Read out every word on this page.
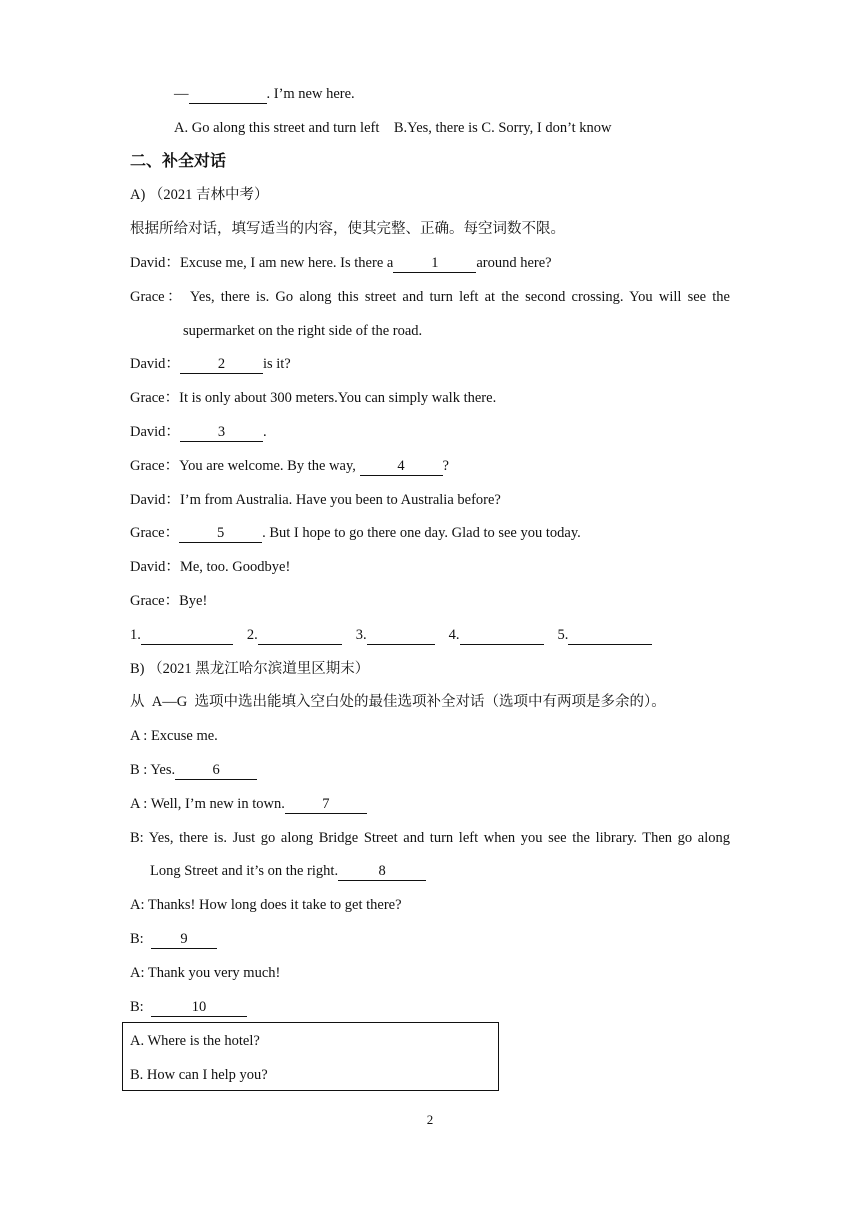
—	. I’m new here.
A. Go along this street and turn left    B.Yes, there is C. Sorry, I don’t know
二、补全对话
A) （2021 吉林中考）
根据所给对话，填写适当的内容，使其完整、正确。每空词数不限。
David：Excuse me, I am new here. Is there a	1	around here?
Grace： Yes, there is. Go along this street and turn left at the second crossing. You will see the
supermarket on the right side of the road.
David：	2	is it?
Grace：It is only about 300 meters.You can simply walk there.
David：	3	.
Grace：You are welcome. By the way,	4	?
David：I’m from Australia. Have you been to Australia before?
Grace：	5	. But I hope to go there one day. Glad to see you today.
David：Me, too. Goodbye!
Grace：Bye!
1.	2.	3.	4.	5.
B) （2021 黑龙江哈尔滨道里区期末）
从  A—G  选项中选出能填入空白处的最佳选项补全对话（选项中有两项是多余的）。
A : Excuse me.
B : Yes.	6
A : Well, I’m new in town.	7
B: Yes, there is. Just go along Bridge Street and turn left when you see the library. Then go along
Long Street and it’s on the right.	8
A: Thanks! How long does it take to get there?
B:  9
A: Thank you very much!
B:	10
A. Where is the hotel?
B. How can I help you?
2
